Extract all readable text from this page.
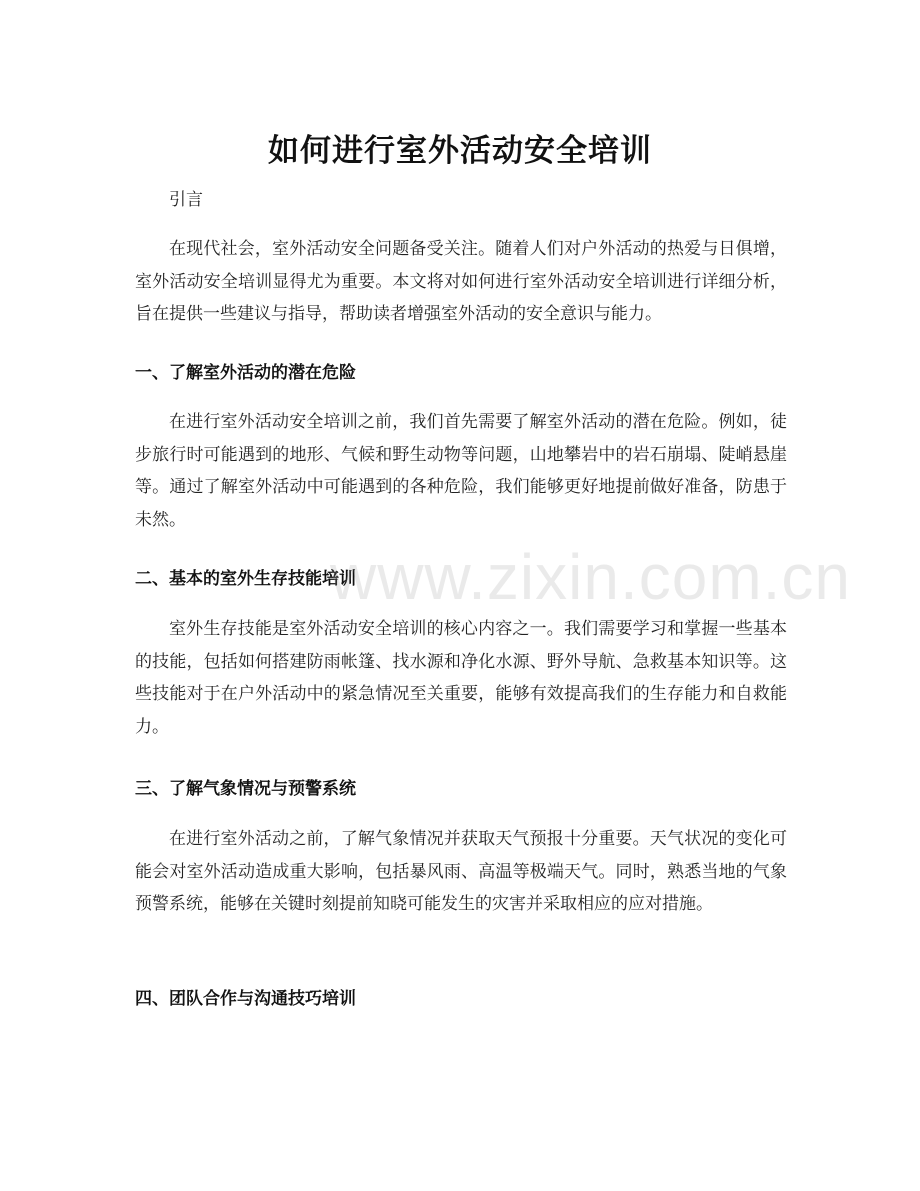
如何进行室外活动安全培训
引言

在现代社会，室外活动安全问题备受关注。随着人们对户外活动的热爱与日俱增，室外活动安全培训显得尤为重要。本文将对如何进行室外活动安全培训进行详细分析，旨在提供一些建议与指导，帮助读者增强室外活动的安全意识与能力。

一、了解室外活动的潜在危险

在进行室外活动安全培训之前，我们首先需要了解室外活动的潜在危险。例如，徒步旅行时可能遇到的地形、气候和野生动物等问题，山地攀岩中的岩石崩塌、陡峭悬崖等。通过了解室外活动中可能遇到的各种危险，我们能够更好地提前做好准备，防患于未然。

二、基本的室外生存技能培训

室外生存技能是室外活动安全培训的核心内容之一。我们需要学习和掌握一些基本的技能，包括如何搭建防雨帐篷、找水源和净化水源、野外导航、急救基本知识等。这些技能对于在户外活动中的紧急情况至关重要，能够有效提高我们的生存能力和自救能力。

三、了解气象情况与预警系统

在进行室外活动之前，了解气象情况并获取天气预报十分重要。天气状况的变化可能会对室外活动造成重大影响，包括暴风雨、高温等极端天气。同时，熟悉当地的气象预警系统，能够在关键时刻提前知晓可能发生的灾害并采取相应的应对措施。

四、团队合作与沟通技巧培训
www.zixin.com.cn
